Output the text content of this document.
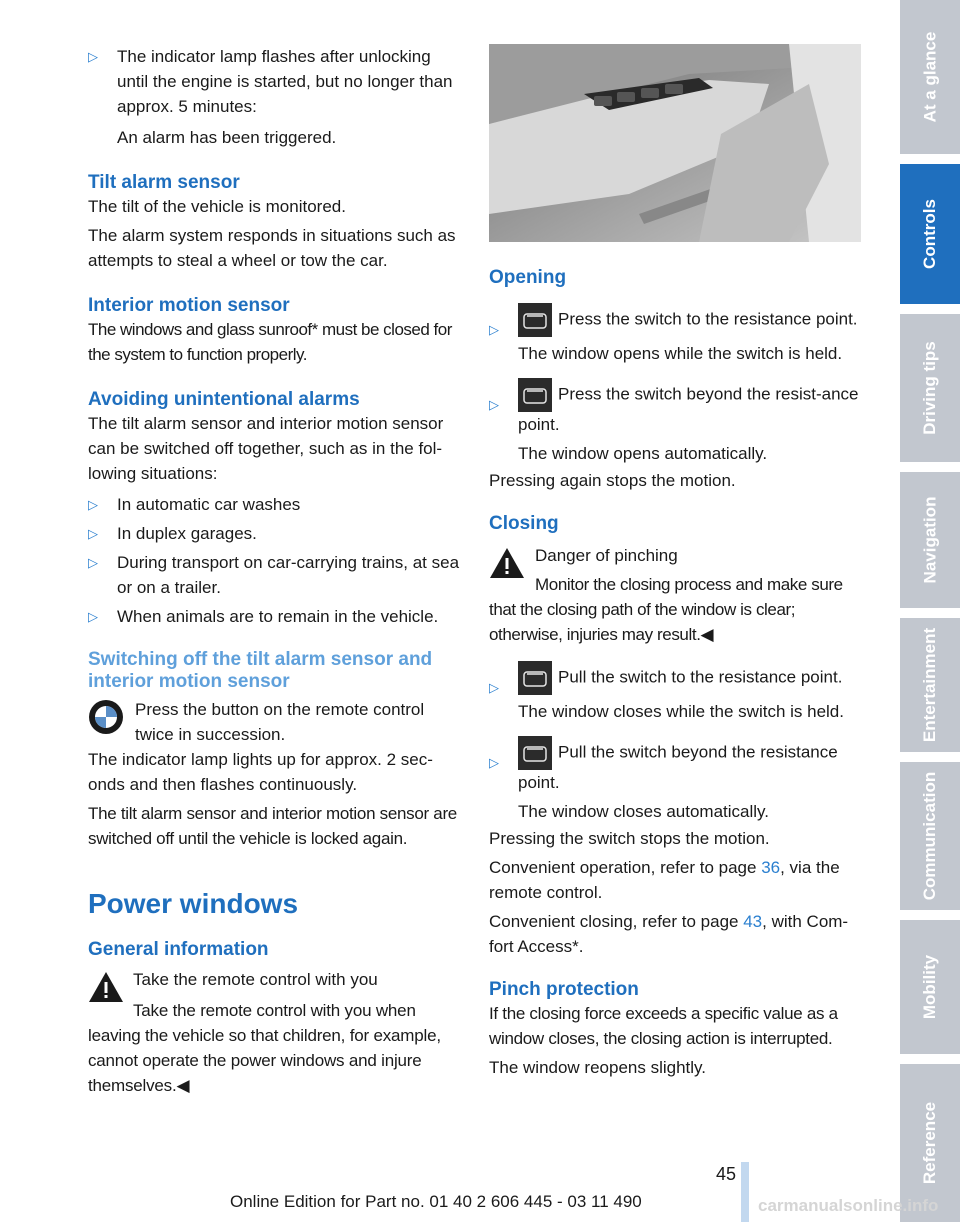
▷ The indicator lamp flashes after unlocking until the engine is started, but no longer than approx. 5 minutes:

An alarm has been triggered.

Tilt alarm sensor

The tilt of the vehicle is monitored.

The alarm system responds in situations such as attempts to steal a wheel or tow the car.

Interior motion sensor

The windows and glass sunroof* must be closed for the system to function properly.

Avoiding unintentional alarms

The tilt alarm sensor and interior motion sensor can be switched off together, such as in the fol-lowing situations:

▷ In automatic car washes

▷ In duplex garages.

▷ During transport on car-carrying trains, at sea or on a trailer.

▷ When animals are to remain in the vehicle.

Switching off the tilt alarm sensor and interior motion sensor

Press the button on the remote control twice in succession.

The indicator lamp lights up for approx. 2 sec-onds and then flashes continuously.

The tilt alarm sensor and interior motion sensor are switched off until the vehicle is locked again.

Power windows
General information

Take the remote control with you

Take the remote control with you when leaving the vehicle so that children, for example, cannot operate the power windows and injure themselves.◀

Opening
▷

Press the switch to the resistance point.

The window opens while the switch is held.

▷

Press the switch beyond the resist-ance point.

The window opens automatically.

Pressing again stops the motion.

Closing

Danger of pinching

Monitor the closing process and make sure that the closing path of the window is clear; otherwise, injuries may result.◀

▷

Pull the switch to the resistance point.

The window closes while the switch is held.

▷

Pull the switch beyond the resistance point.

The window closes automatically.

Pressing the switch stops the motion.

Convenient operation, refer to page 36, via the remote control.

Convenient closing, refer to page 43, with Com-fort Access*.

Pinch protection

If the closing force exceeds a specific value as a window closes, the closing action is interrupted.

The window reopens slightly.

At a glance
Controls
Driving tips
Navigation
Entertainment
Communication
Mobility
Reference
45
Online Edition for Part no. 01 40 2 606 445 - 03 11 490	carmanualsonline.info
